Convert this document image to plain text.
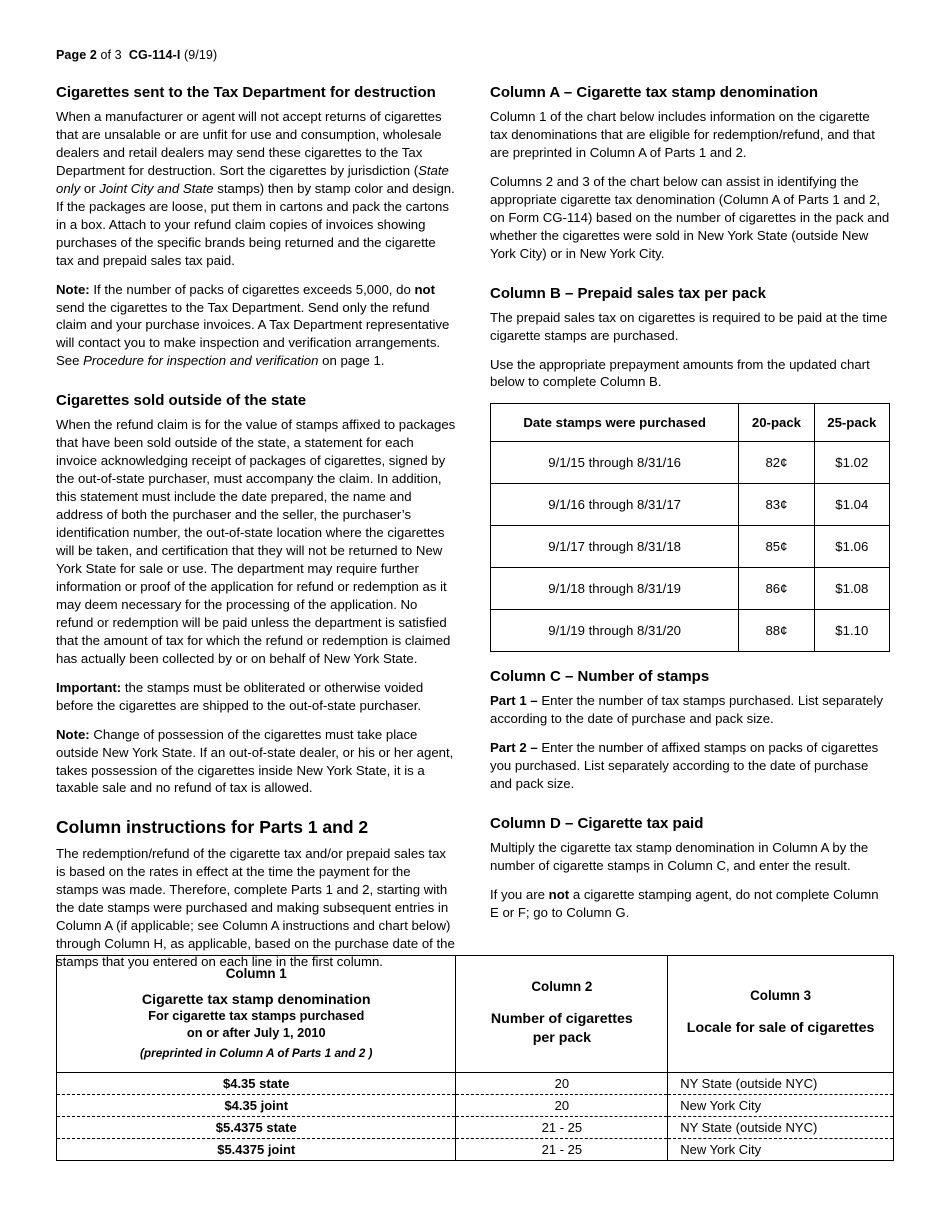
Page 2 of 3 CG-114-I (9/19)
Cigarettes sent to the Tax Department for destruction

When a manufacturer or agent will not accept returns of cigarettes that are unsalable or are unfit for use and consumption, wholesale dealers and retail dealers may send these cigarettes to the Tax Department for destruction. Sort the cigarettes by jurisdiction (State only or Joint City and State stamps) then by stamp color and design. If the packages are loose, put them in cartons and pack the cartons in a box. Attach to your refund claim copies of invoices showing purchases of the specific brands being returned and the cigarette tax and prepaid sales tax paid.

Note: If the number of packs of cigarettes exceeds 5,000, do not send the cigarettes to the Tax Department. Send only the refund claim and your purchase invoices. A Tax Department representative will contact you to make inspection and verification arrangements. See Procedure for inspection and verification on page 1.

Cigarettes sold outside of the state

When the refund claim is for the value of stamps affixed to packages that have been sold outside of the state, a statement for each invoice acknowledging receipt of packages of cigarettes, signed by the out-of-state purchaser, must accompany the claim. In addition, this statement must include the date prepared, the name and address of both the purchaser and the seller, the purchaser’s identification number, the out-of-state location where the cigarettes will be taken, and certification that they will not be returned to New York State for sale or use. The department may require further information or proof of the application for refund or redemption as it may deem necessary for the processing of the application. No refund or redemption will be paid unless the department is satisfied that the amount of tax for which the refund or redemption is claimed has actually been collected by or on behalf of New York State.

Important: the stamps must be obliterated or otherwise voided before the cigarettes are shipped to the out-of-state purchaser.

Note: Change of possession of the cigarettes must take place outside New York State. If an out-of-state dealer, or his or her agent, takes possession of the cigarettes inside New York State, it is a taxable sale and no refund of tax is allowed.

Column instructions for Parts 1 and 2

The redemption/refund of the cigarette tax and/or prepaid sales tax is based on the rates in effect at the time the payment for the stamps was made. Therefore, complete Parts 1 and 2, starting with the date stamps were purchased and making subsequent entries in Column A (if applicable; see Column A instructions and chart below) through Column H, as applicable, based on the purchase date of the stamps that you entered on each line in the first column.

Column A – Cigarette tax stamp denomination

Column 1 of the chart below includes information on the cigarette tax denominations that are eligible for redemption/refund, and that are preprinted in Column A of Parts 1 and 2.

Columns 2 and 3 of the chart below can assist in identifying the appropriate cigarette tax denomination (Column A of Parts 1 and 2, on Form CG-114) based on the number of cigarettes in the pack and whether the cigarettes were sold in New York State (outside New York City) or in New York City.

Column B – Prepaid sales tax per pack

The prepaid sales tax on cigarettes is required to be paid at the time cigarette stamps are purchased.

Use the appropriate prepayment amounts from the updated chart below to complete Column B.

Date stamps were purchased	20-pack	25-pack
9/1/15 through 8/31/16	82¢	$1.02
9/1/16 through 8/31/17	83¢	$1.04
9/1/17 through 8/31/18	85¢	$1.06
9/1/18 through 8/31/19	86¢	$1.08
9/1/19 through 8/31/20	88¢	$1.10
Column C – Number of stamps

Part 1 – Enter the number of tax stamps purchased. List separately according to the date of purchase and pack size.

Part 2 – Enter the number of affixed stamps on packs of cigarettes you purchased. List separately according to the date of purchase and pack size.

Column D – Cigarette tax paid

Multiply the cigarette tax stamp denomination in Column A by the number of cigarette stamps in Column C, and enter the result.

If you are not a cigarette stamping agent, do not complete Column E or F; go to Column G.

Column 1
Cigarette tax stamp denomination
For cigarette tax stamps purchased
on or after July 1, 2010
(preprinted in Column A of Parts 1 and 2 )

Column 2
Number of cigarettes
per pack

Column 3
Locale for sale of cigarettes

$4.35 state	20	NY State (outside NYC)
$4.35 joint	20	New York City
$5.4375 state	21 - 25	NY State (outside NYC)
$5.4375 joint	21 - 25	New York City
